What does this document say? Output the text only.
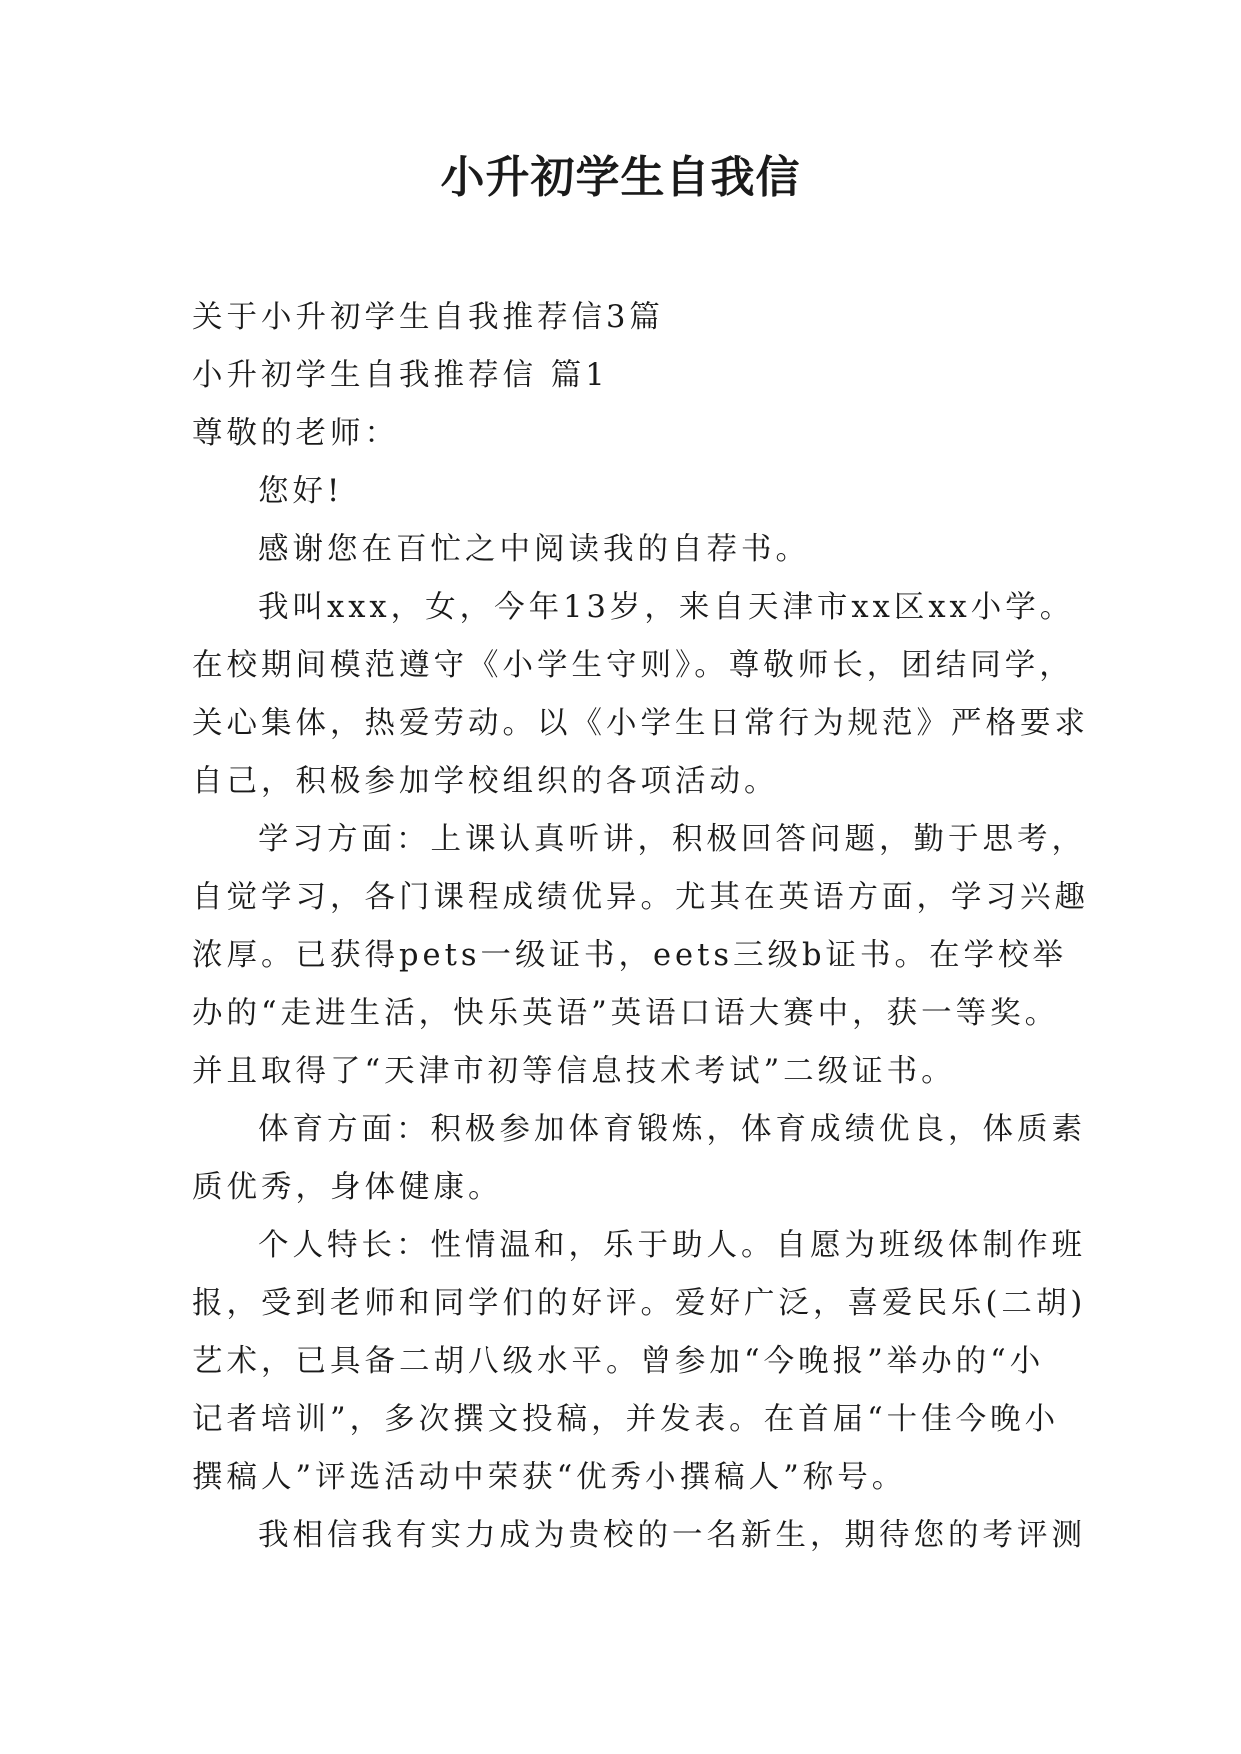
小升初学生自我信
关于小升初学生自我推荐信3篇
小升初学生自我推荐信 篇1
尊敬的老师：
您好!
感谢您在百忙之中阅读我的自荐书。
我叫xxx，女，今年13岁，来自天津市xx区xx小学。
在校期间模范遵守《小学生守则》。尊敬师长，团结同学，
关心集体，热爱劳动。以《小学生日常行为规范》严格要求
自己，积极参加学校组织的各项活动。
学习方面：上课认真听讲，积极回答问题，勤于思考，
自觉学习，各门课程成绩优异。尤其在英语方面，学习兴趣
浓厚。已获得pets一级证书，eets三级b证书。在学校举
办的“走进生活，快乐英语”英语口语大赛中，获一等奖。
并且取得了“天津市初等信息技术考试”二级证书。
体育方面：积极参加体育锻炼，体育成绩优良，体质素
质优秀，身体健康。
个人特长：性情温和，乐于助人。自愿为班级体制作班
报，受到老师和同学们的好评。爱好广泛，喜爱民乐(二胡)
艺术，已具备二胡八级水平。曾参加“今晚报”举办的“小
记者培训”，多次撰文投稿，并发表。在首届“十佳今晚小
撰稿人”评选活动中荣获“优秀小撰稿人”称号。
我相信我有实力成为贵校的一名新生，期待您的考评测
